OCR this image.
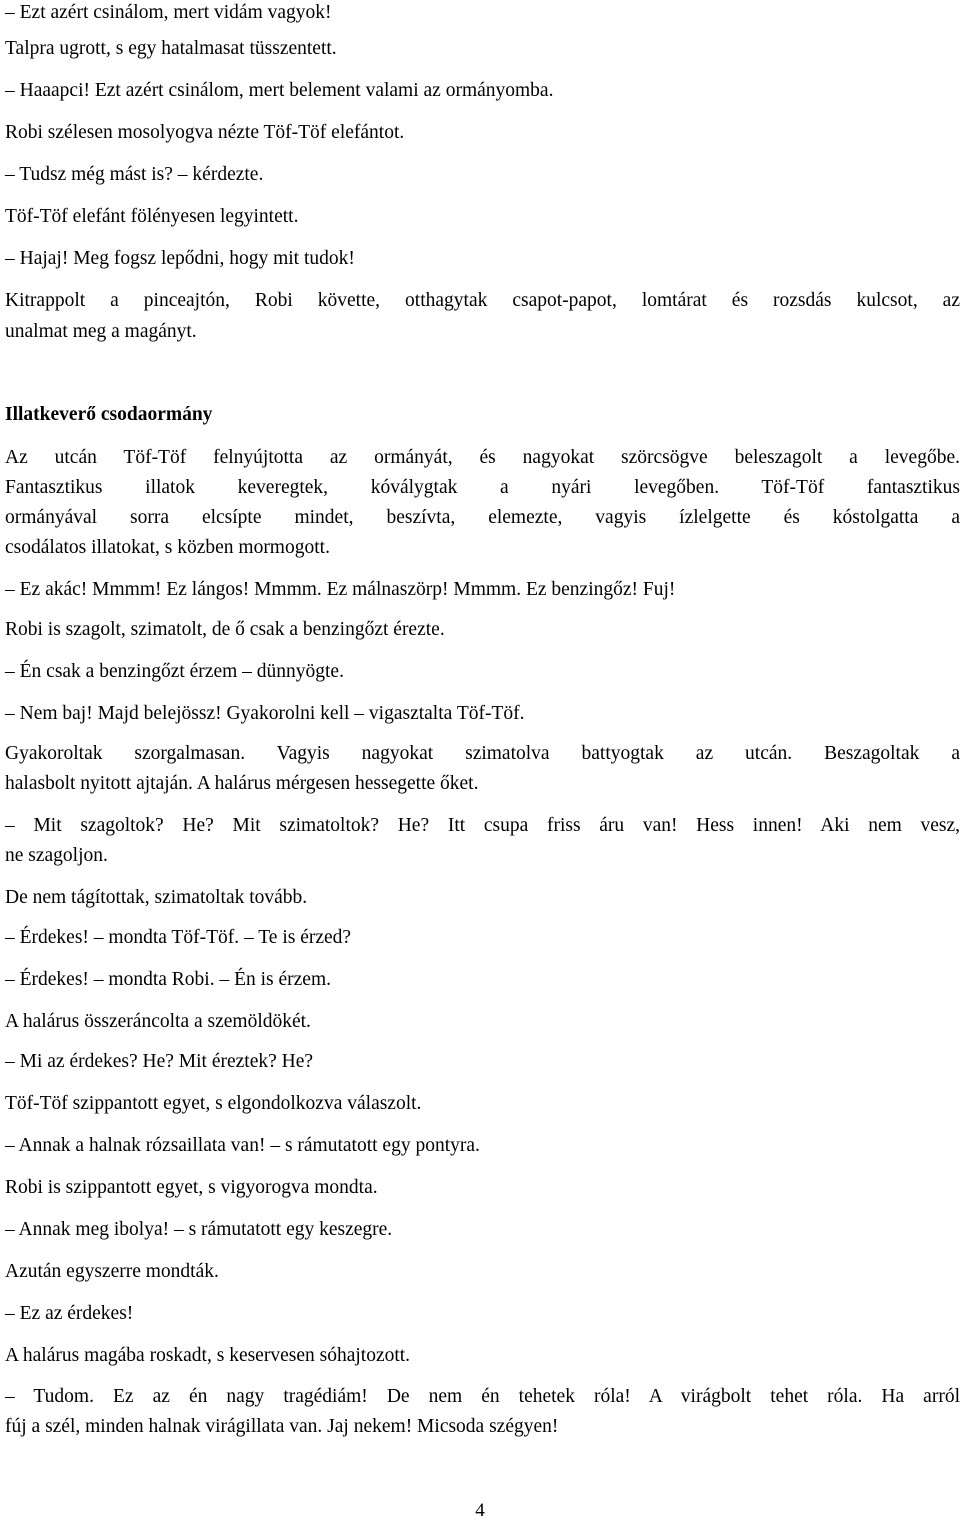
– Ezt azért csinálom, mert vidám vagyok!
Talpra ugrott, s egy hatalmasat tüsszentett.
– Haaapci! Ezt azért csinálom, mert belement valami az ormányomba.
Robi szélesen mosolyogva nézte Töf-Töf elefántot.
– Tudsz még mást is? – kérdezte.
Töf-Töf elefánt fölényesen legyintett.
– Hajaj! Meg fogsz lepődni, hogy mit tudok!
Kitrappolt a pinceajtón, Robi követte, otthagytak csapot-papot, lomtárat és rozsdás kulcsot, az
unalmat meg a magányt.
Illatkeverő csodaormány
Az utcán Töf-Töf felnyújtotta az ormányát, és nagyokat szörcsögve beleszagolt a levegőbe.
Fantasztikus illatok keveregtek, kóválygtak a nyári levegőben. Töf-Töf fantasztikus
ormányával sorra elcsípte mindet, beszívta, elemezte, vagyis ízlelgette és kóstolgatta a
csodálatos illatokat, s közben mormogott.
– Ez akác! Mmmm! Ez lángos! Mmmm. Ez málnaszörp! Mmmm. Ez benzingőz! Fuj!
Robi is szagolt, szimatolt, de ő csak a benzingőzt érezte.
– Én csak a benzingőzt érzem – dünnyögte.
– Nem baj! Majd belejössz! Gyakorolni kell – vigasztalta Töf-Töf.
Gyakoroltak szorgalmasan. Vagyis nagyokat szimatolva battyogtak az utcán. Beszagoltak a
halasbolt nyitott ajtaján. A halárus mérgesen hessegette őket.
– Mit szagoltok? He? Mit szimatoltok? He? Itt csupa friss áru van! Hess innen! Aki nem vesz,
ne szagoljon.
De nem tágítottak, szimatoltak tovább.
– Érdekes! – mondta Töf-Töf. – Te is érzed?
– Érdekes! – mondta Robi. – Én is érzem.
A halárus összeráncolta a szemöldökét.
– Mi az érdekes? He? Mit éreztek? He?
Töf-Töf szippantott egyet, s elgondolkozva válaszolt.
– Annak a halnak rózsaillata van! – s rámutatott egy pontyra.
Robi is szippantott egyet, s vigyorogva mondta.
– Annak meg ibolya! – s rámutatott egy keszegre.
Azután egyszerre mondták.
– Ez az érdekes!
A halárus magába roskadt, s keservesen sóhajtozott.
– Tudom. Ez az én nagy tragédiám! De nem én tehetek róla! A virágbolt tehet róla. Ha arról
fúj a szél, minden halnak virágillata van. Jaj nekem! Micsoda szégyen!
4
